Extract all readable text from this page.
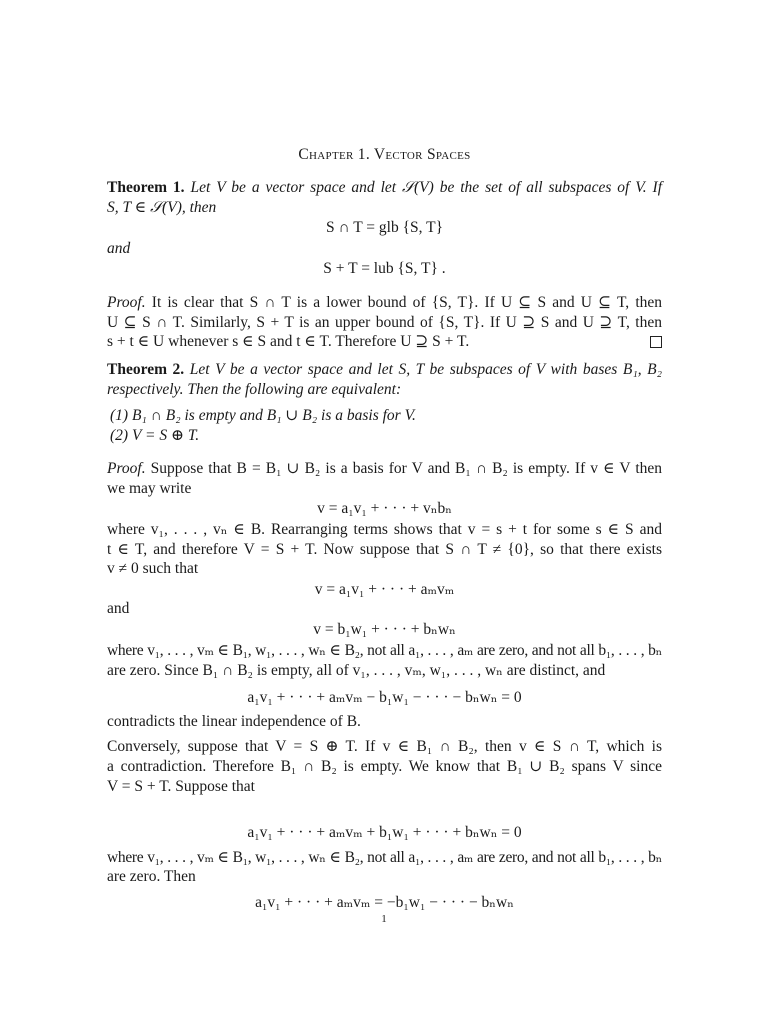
Chapter 1. Vector Spaces
Theorem 1. Let V be a vector space and let 𝒮(V) be the set of all subspaces of V. If
S, T ∈ 𝒮(V), then
S ∩ T = glb {S, T}
and
S + T = lub {S, T} .
Proof. It is clear that S ∩ T is a lower bound of {S, T}. If U ⊆ S and U ⊆ T, then
U ⊆ S ∩ T. Similarly, S + T is an upper bound of {S, T}. If U ⊇ S and U ⊇ T, then
s + t ∈ U whenever s ∈ S and t ∈ T. Therefore U ⊇ S + T.
Theorem 2. Let V be a vector space and let S, T be subspaces of V with bases B₁, B₂
respectively. Then the following are equivalent:
(1) B₁ ∩ B₂ is empty and B₁ ∪ B₂ is a basis for V.
(2) V = S ⊕ T.
Proof. Suppose that B = B₁ ∪ B₂ is a basis for V and B₁ ∩ B₂ is empty. If v ∈ V then
we may write
v = a₁v₁ + · · · + vₙbₙ
where v₁, . . . , vₙ ∈ B. Rearranging terms shows that v = s + t for some s ∈ S and
t ∈ T, and therefore V = S + T. Now suppose that S ∩ T ≠ {0}, so that there exists
v ≠ 0 such that
v = a₁v₁ + · · · + aₘvₘ
and
v = b₁w₁ + · · · + bₙwₙ
where v₁, . . . , vₘ ∈ B₁, w₁, . . . , wₙ ∈ B₂, not all a₁, . . . , aₘ are zero, and not all b₁, . . . , bₙ
are zero. Since B₁ ∩ B₂ is empty, all of v₁, . . . , vₘ, w₁, . . . , wₙ are distinct, and
a₁v₁ + · · · + aₘvₘ − b₁w₁ − · · · − bₙwₙ = 0
contradicts the linear independence of B.
Conversely, suppose that V = S ⊕ T. If v ∈ B₁ ∩ B₂, then v ∈ S ∩ T, which is
a contradiction. Therefore B₁ ∩ B₂ is empty. We know that B₁ ∪ B₂ spans V since
V = S + T. Suppose that
a₁v₁ + · · · + aₘvₘ + b₁w₁ + · · · + bₙwₙ = 0
where v₁, . . . , vₘ ∈ B₁, w₁, . . . , wₙ ∈ B₂, not all a₁, . . . , aₘ are zero, and not all b₁, . . . , bₙ
are zero. Then
a₁v₁ + · · · + aₘvₘ = −b₁w₁ − · · · − bₙwₙ
1
